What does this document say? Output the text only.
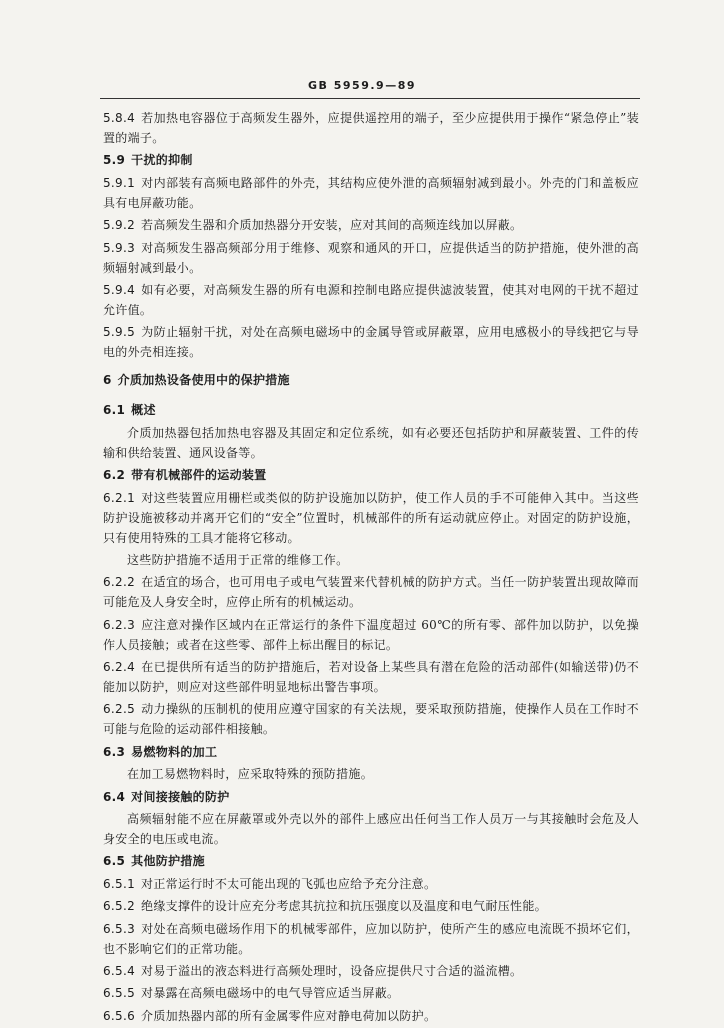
GB 5959.9—89

5.8.4 若加热电容器位于高频发生器外，应提供遥控用的端子，至少应提供用于操作“紧急停止”装置的端子。

5.9 干扰的抑制

5.9.1 对内部装有高频电路部件的外壳，其结构应使外泄的高频辐射减到最小。外壳的门和盖板应具有电屏蔽功能。

5.9.2 若高频发生器和介质加热器分开安装，应对其间的高频连线加以屏蔽。

5.9.3 对高频发生器高频部分用于维修、观察和通风的开口，应提供适当的防护措施，使外泄的高频辐射减到最小。

5.9.4 如有必要，对高频发生器的所有电源和控制电路应提供滤波装置，使其对电网的干扰不超过允许值。

5.9.5 为防止辐射干扰，对处在高频电磁场中的金属导管或屏蔽罩，应用电感极小的导线把它与导电的外壳相连接。

6 介质加热设备使用中的保护措施

6.1 概述

介质加热器包括加热电容器及其固定和定位系统，如有必要还包括防护和屏蔽装置、工件的传输和供给装置、通风设备等。

6.2 带有机械部件的运动装置

6.2.1 对这些装置应用栅栏或类似的防护设施加以防护，使工作人员的手不可能伸入其中。当这些防护设施被移动并离开它们的“安全”位置时，机械部件的所有运动就应停止。对固定的防护设施，只有使用特殊的工具才能将它移动。

这些防护措施不适用于正常的维修工作。

6.2.2 在适宜的场合，也可用电子或电气装置来代替机械的防护方式。当任一防护装置出现故障而可能危及人身安全时，应停止所有的机械运动。

6.2.3 应注意对操作区域内在正常运行的条件下温度超过 60℃的所有零、部件加以防护，以免操作人员接触；或者在这些零、部件上标出醒目的标记。

6.2.4 在已提供所有适当的防护措施后，若对设备上某些具有潜在危险的活动部件(如输送带)仍不能加以防护，则应对这些部件明显地标出警告事项。

6.2.5 动力操纵的压制机的使用应遵守国家的有关法规，要采取预防措施，使操作人员在工作时不可能与危险的运动部件相接触。

6.3 易燃物料的加工

在加工易燃物料时，应采取特殊的预防措施。

6.4 对间接接触的防护

高频辐射能不应在屏蔽罩或外壳以外的部件上感应出任何当工作人员万一与其接触时会危及人身安全的电压或电流。

6.5 其他防护措施

6.5.1 对正常运行时不太可能出现的飞弧也应给予充分注意。

6.5.2 绝缘支撑件的设计应充分考虑其抗拉和抗压强度以及温度和电气耐压性能。

6.5.3 对处在高频电磁场作用下的机械零部件，应加以防护，使所产生的感应电流既不损坏它们，也不影响它们的正常功能。

6.5.4 对易于溢出的液态料进行高频处理时，设备应提供尺寸合适的溢流槽。

6.5.5 对暴露在高频电磁场中的电气导管应适当屏蔽。

6.5.6 介质加热器内部的所有金属零件应对静电荷加以防护。
